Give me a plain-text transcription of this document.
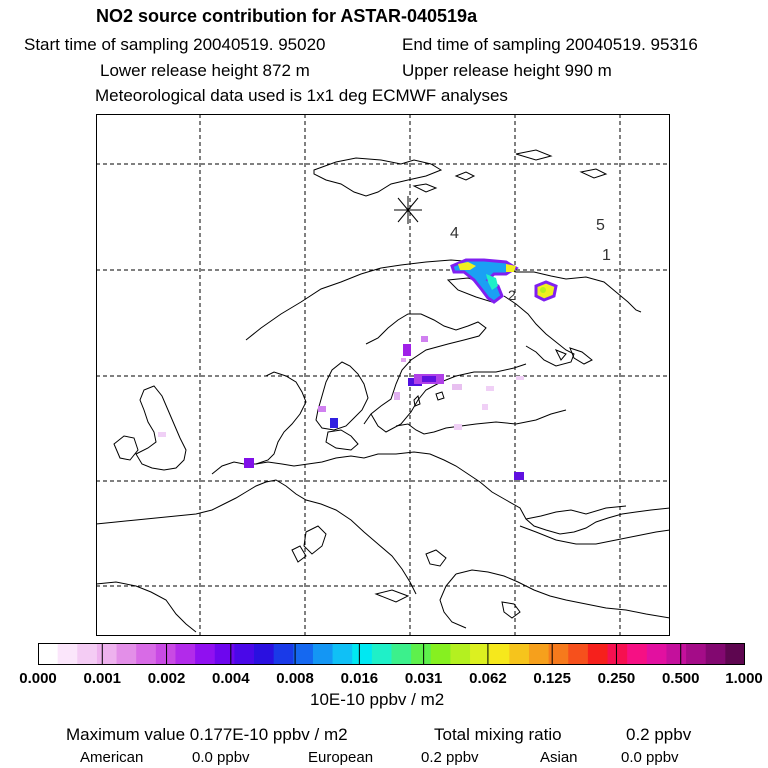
NO2 source contribution for ASTAR-040519a
Start time of sampling 20040519. 95020	End time of sampling 20040519. 95316
Lower release height 872 m	Upper release height 990 m
Meteorological data used is 1x1 deg ECMWF analyses
4	5
1
2
0.000 0.001 0.002 0.004 0.008 0.016 0.031 0.062 0.125 0.250 0.500 1.000
10E-10 ppbv / m2
Maximum value 0.177E-10 ppbv / m2	Total mixing ratio	0.2 ppbv
American	0.0 ppbv	European	0.2 ppbv	Asian	0.0 ppbv
